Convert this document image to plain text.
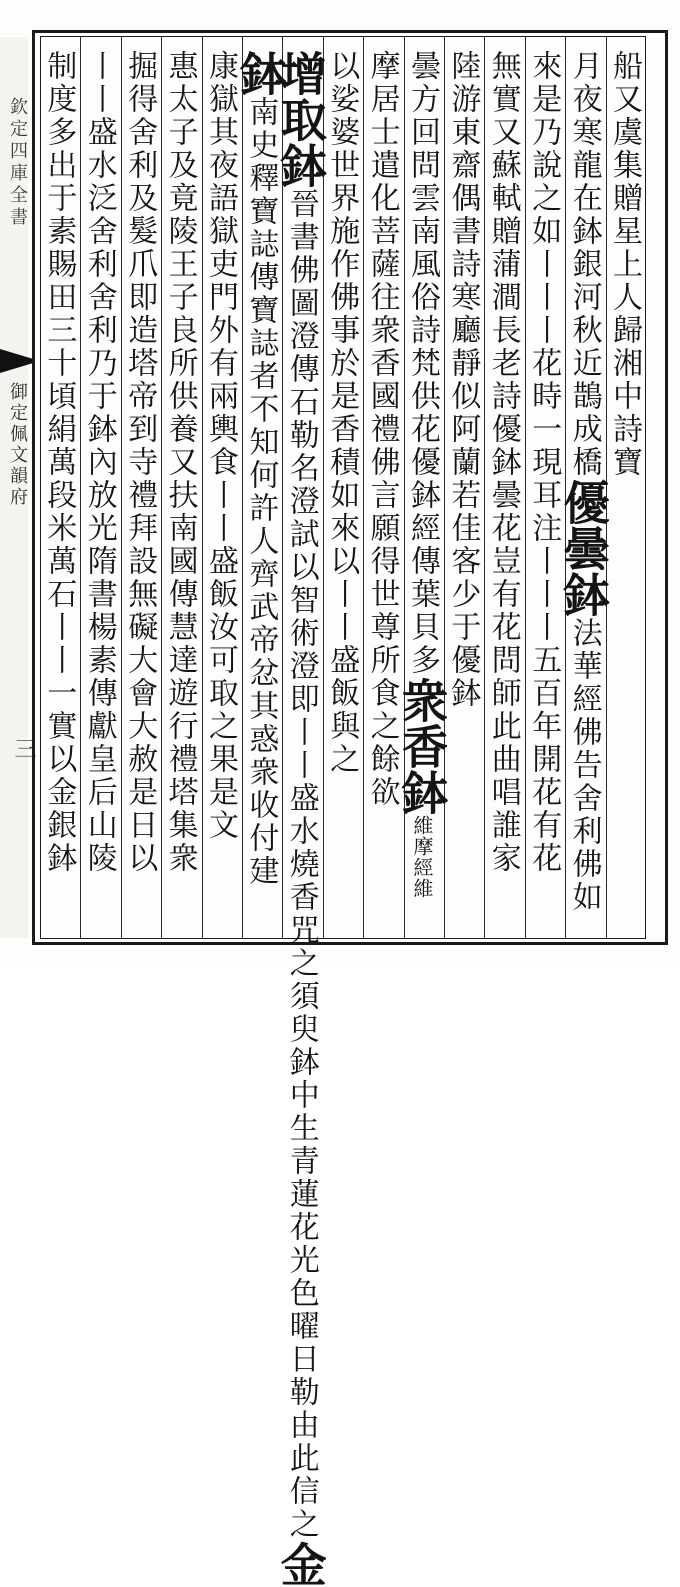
欽定四庫全書
御定佩文韻府
三
船又虞集贈星上人歸湘中詩寶
月夜寒龍在鉢銀河秋近鵲成橋優曇鉢法華經佛告舍利佛如
來是乃說之如丨丨丨花時一現耳注丨丨丨五百年開花有花
無實又蘇軾贈蒲澗長老詩優鉢曇花豈有花問師此曲唱誰家
陸游東齋偶書詩寒廳靜似阿蘭若佳客少于優鉢
曇方回問雲南風俗詩梵供花優鉢經傳葉貝多衆香鉢維摩經維
摩居士遣化菩薩往衆香國禮佛言願得世尊所食之餘欲
以娑婆世界施作佛事於是香積如來以丨丨盛飯與之
增取鉢晉書佛圖澄傳石勒名澄試以智術澄即丨丨盛水燒香咒之須臾鉢中生青蓮花光色曜日勒由此信之金
鉢南史釋寶誌傳寶誌者不知何許人齊武帝忿其惑衆收付建
康獄其夜語獄吏門外有兩輿食丨丨盛飯汝可取之果是文
惠太子及竟陵王子良所供養又扶南國傳慧達遊行禮塔集衆
掘得舍利及髮爪即造塔帝到寺禮拜設無礙大會大赦是日以
丨丨盛水泛舍利舍利乃于鉢內放光隋書楊素傳獻皇后山陵
制度多出于素賜田三十頃絹萬段米萬石丨丨一實以金銀鉢
